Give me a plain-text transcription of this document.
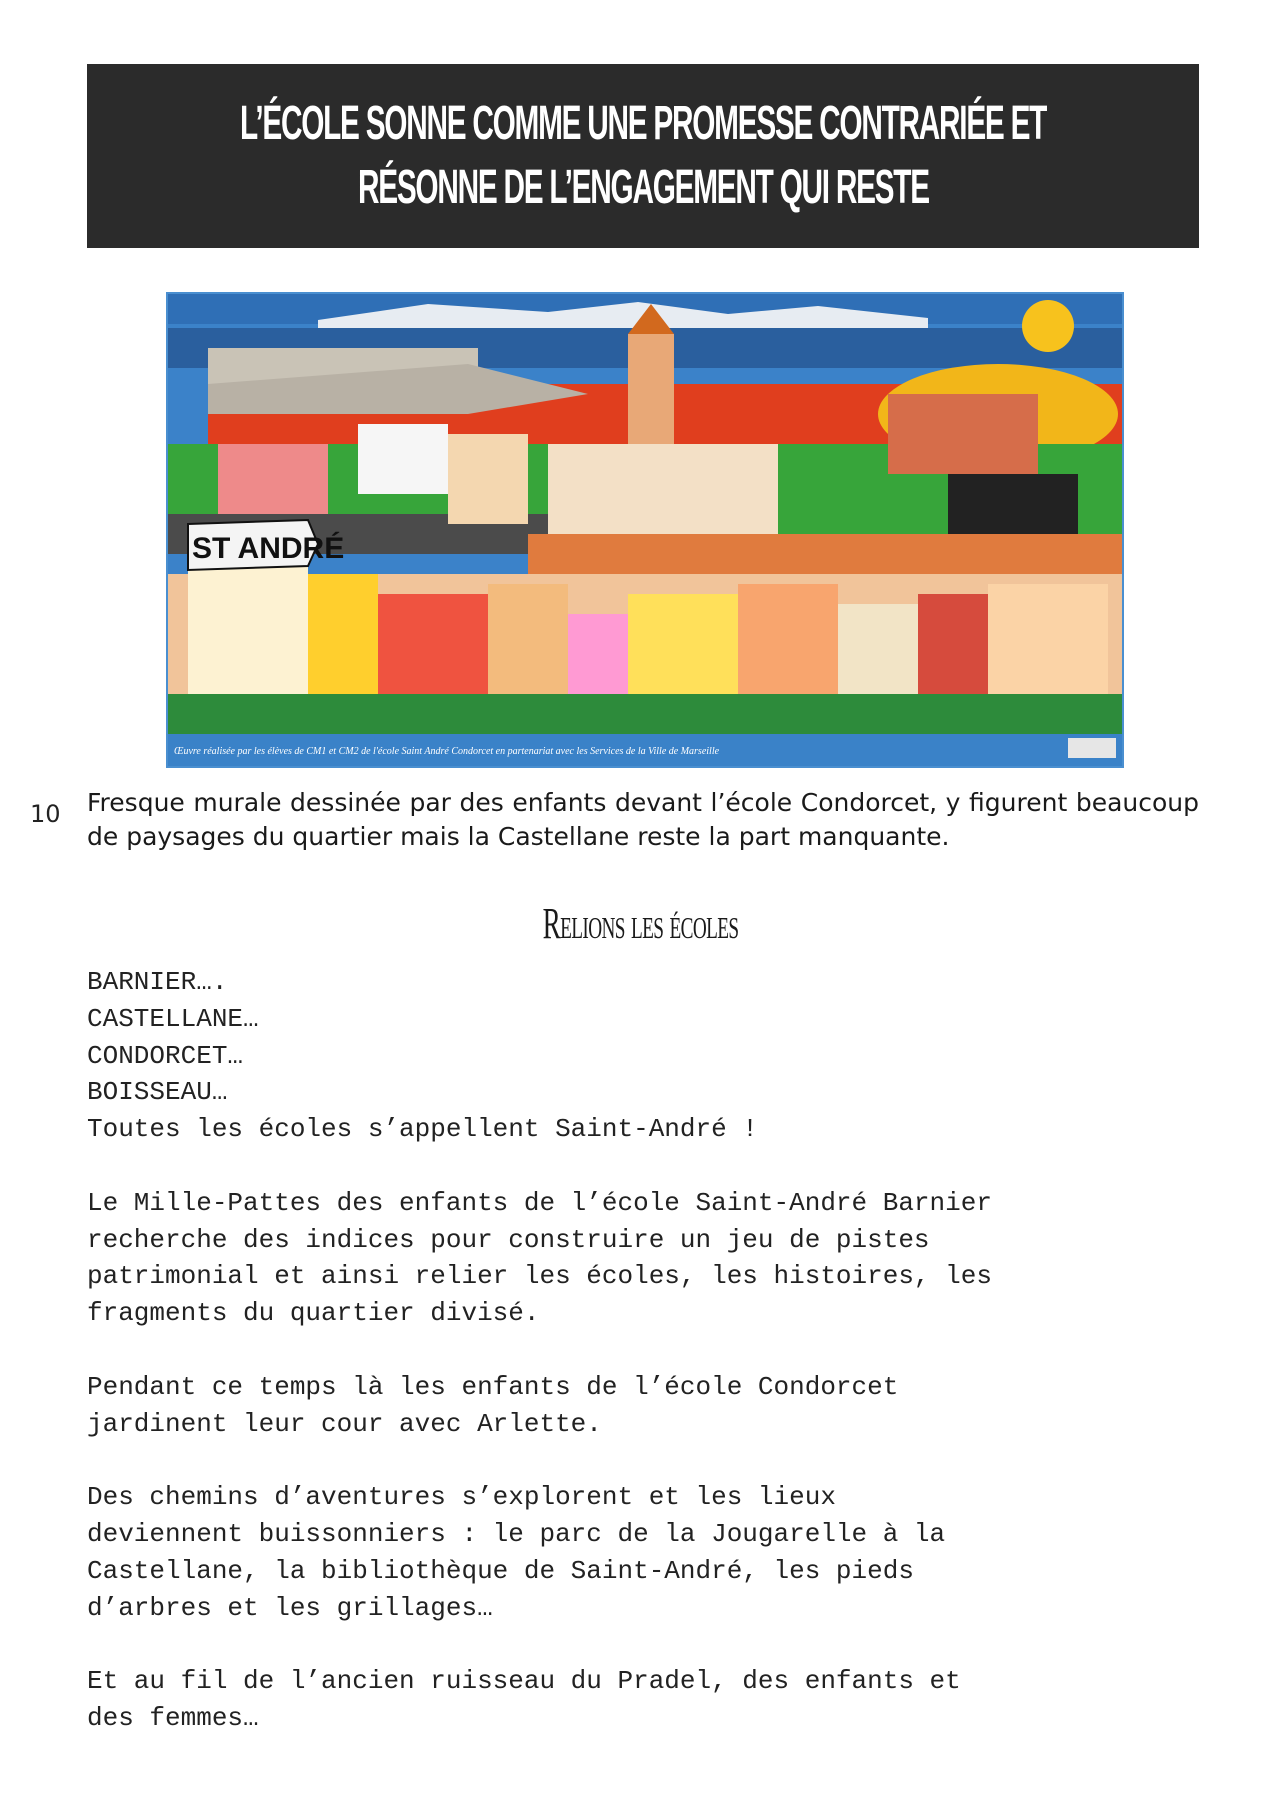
L’ÉCOLE SONNE COMME UNE PROMESSE CONTRARIÉE ET
RÉSONNE DE L’ENGAGEMENT QUI RESTE
ST ANDRÉ
Œuvre réalisée par les élèves de CM1 et CM2 de l'école Saint André Condorcet en partenariat avec les Services de la Ville de Marseille
10 Fresque murale dessinée par des enfants devant l’école Condorcet, y figurent beaucoup de paysages du quartier mais la Castellane reste la part manquante.
Relions les écoles
BARNIER….
CASTELLANE…
CONDORCET…
BOISSEAU…
Toutes les écoles s’appellent Saint-André !
Le Mille-Pattes des enfants de l’école Saint-André Barnier
recherche des indices pour construire un jeu de pistes
patrimonial et ainsi relier les écoles, les histoires, les
fragments du quartier divisé.
Pendant ce temps là les enfants de l’école Condorcet
jardinent leur cour avec Arlette.
Des chemins d’aventures s’explorent et les lieux
deviennent buissonniers : le parc de la Jougarelle à la
Castellane, la bibliothèque de Saint-André, les pieds
d’arbres et les grillages…
Et au fil de l’ancien ruisseau du Pradel, des enfants et
des femmes…
